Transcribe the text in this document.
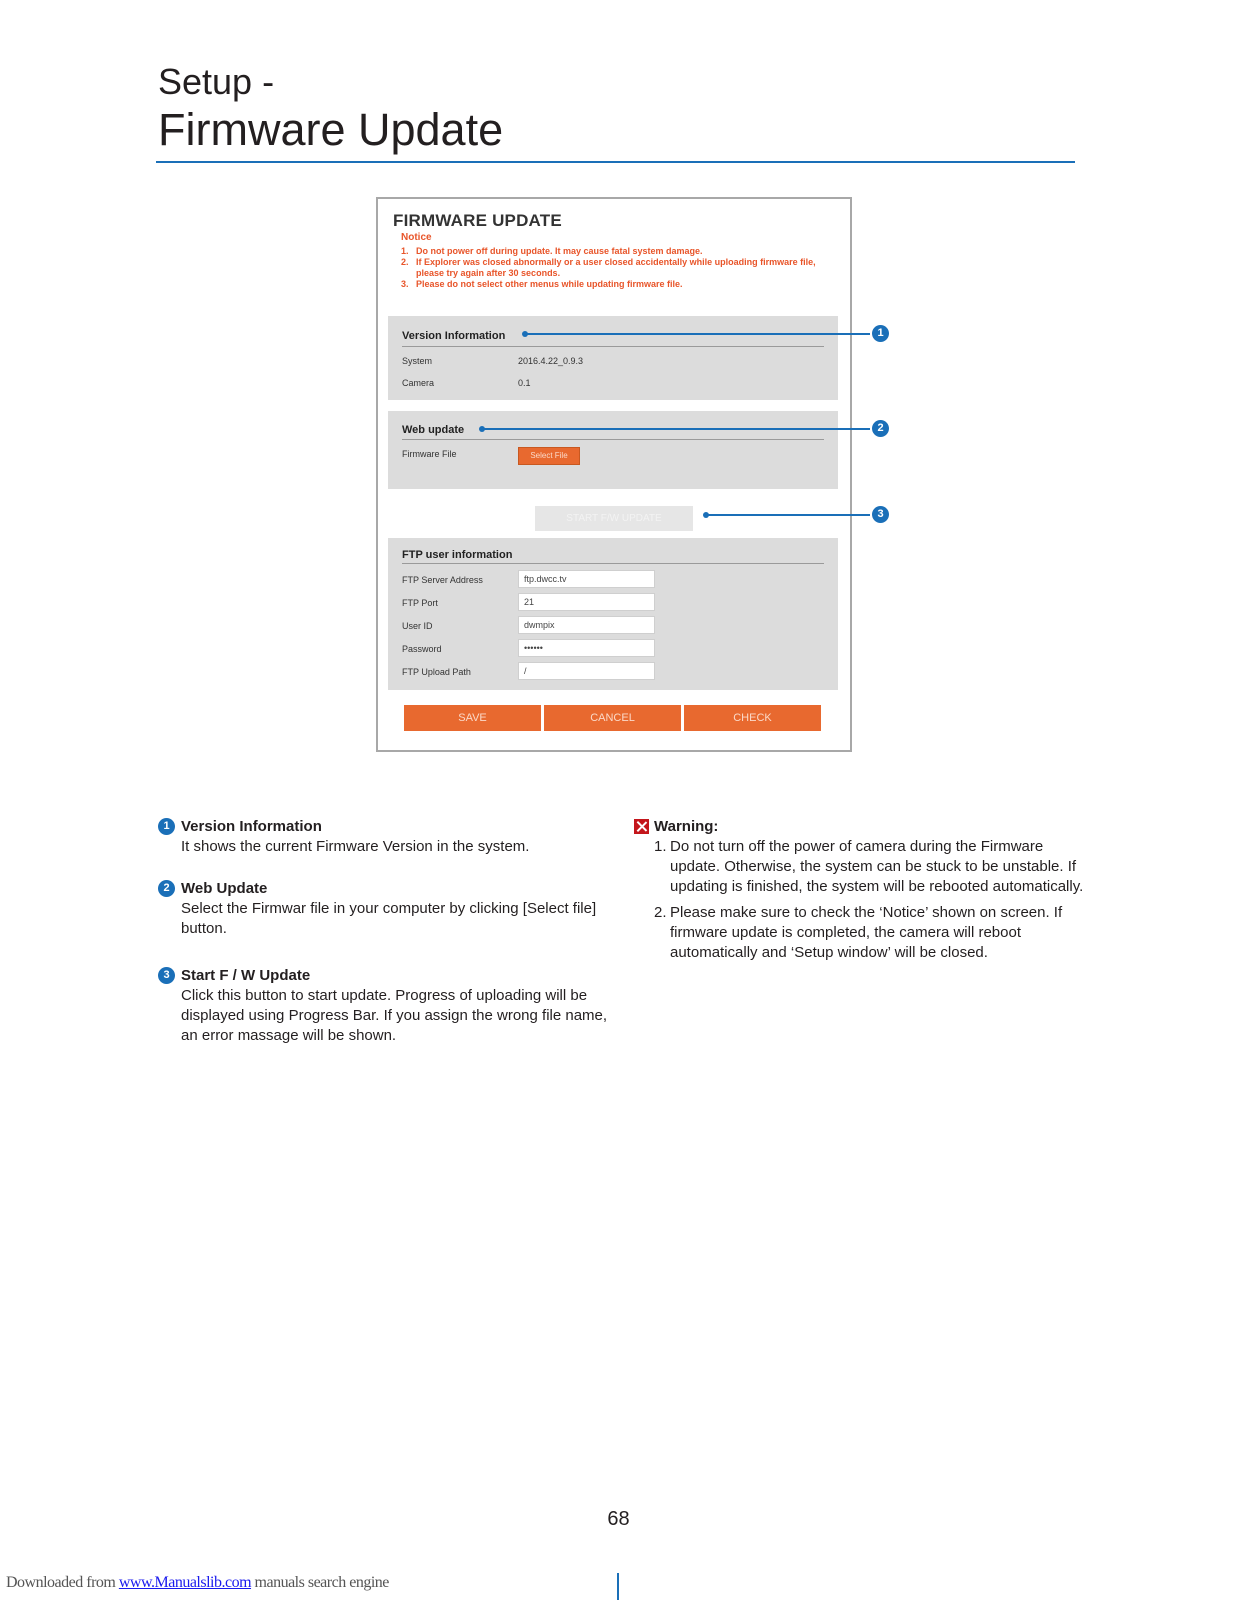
Setup -
Firmware Update
FIRMWARE UPDATE
Notice
1. Do not power off during update. It may cause fatal system damage.
2. If Explorer was closed abnormally or a user closed accidentally while uploading firmware file, please try again after 30 seconds.
3. Please do not select other menus while updating firmware file.
Version Information
System	2016.4.22_0.9.3
Camera	0.1
Web update
Firmware File	Select File
START F/W UPDATE
FTP user information
FTP Server Address	ftp.dwcc.tv
FTP Port	21
User ID	dwmpix
Password	••••••
FTP Upload Path	/
SAVE	CANCEL	CHECK
1
2
3
1 Version Information
It shows the current Firmware Version in the system.
2 Web Update
Select the Firmwar file in your computer by clicking [Select file] button.
3 Start F / W Update
Click this button to start update. Progress of uploading will be displayed using Progress Bar. If you assign the wrong file name, an error massage will be shown.
Warning:
1. Do not turn off the power of camera during the Firmware update. Otherwise, the system can be stuck to be unstable. If updating is finished, the system will be rebooted automatically.
2. Please make sure to check the ‘Notice’ shown on screen. If firmware update is completed, the camera will reboot automatically and ‘Setup window’ will be closed.
68
Downloaded from www.Manualslib.com manuals search engine
